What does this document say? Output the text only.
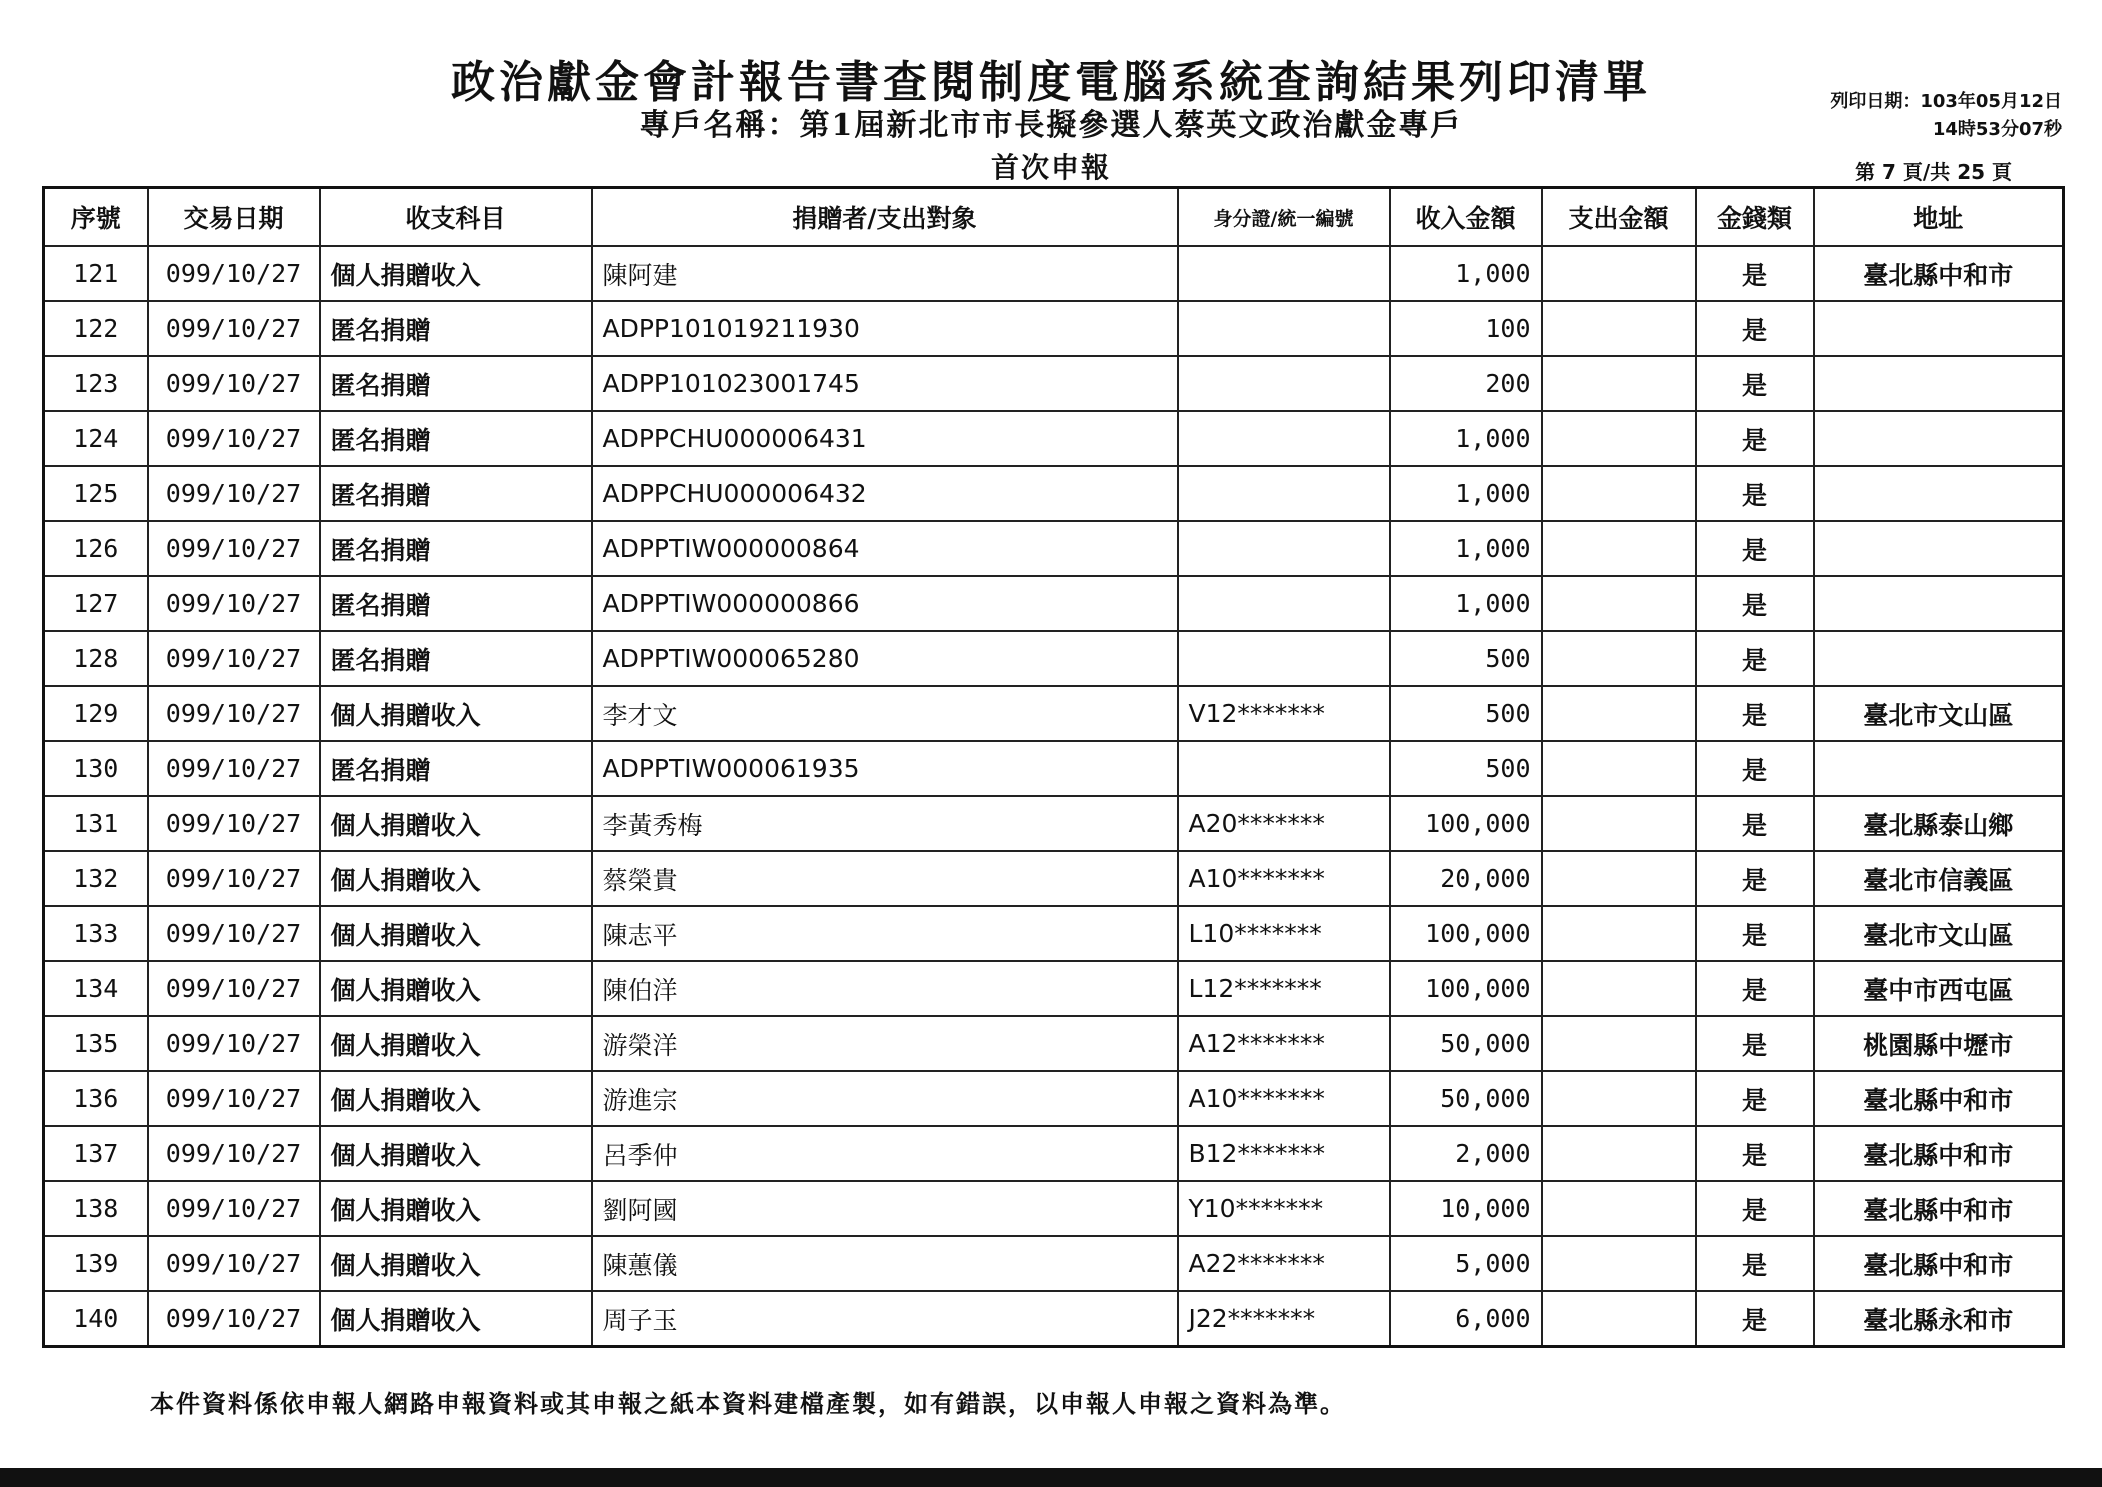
政治獻金會計報告書查閱制度電腦系統查詢結果列印清單
專戶名稱：第1屆新北市市長擬參選人蔡英文政治獻金專戶
首次申報
列印日期：103年05月12日
14時53分07秒
第 7 頁/共 25 頁
序號	交易日期	收支科目	捐贈者/支出對象	身分證/統一編號	收入金額	支出金額	金錢類	地址
121	099/10/27	個人捐贈收入	陳阿建		1,000		是	臺北縣中和市
122	099/10/27	匿名捐贈	ADPP101019211930		100		是	
123	099/10/27	匿名捐贈	ADPP101023001745		200		是	
124	099/10/27	匿名捐贈	ADPPCHU000006431		1,000		是	
125	099/10/27	匿名捐贈	ADPPCHU000006432		1,000		是	
126	099/10/27	匿名捐贈	ADPPTIW000000864		1,000		是	
127	099/10/27	匿名捐贈	ADPPTIW000000866		1,000		是	
128	099/10/27	匿名捐贈	ADPPTIW000065280		500		是	
129	099/10/27	個人捐贈收入	李才文	V12*******	500		是	臺北市文山區
130	099/10/27	匿名捐贈	ADPPTIW000061935		500		是	
131	099/10/27	個人捐贈收入	李黃秀梅	A20*******	100,000		是	臺北縣泰山鄉
132	099/10/27	個人捐贈收入	蔡榮貴	A10*******	20,000		是	臺北市信義區
133	099/10/27	個人捐贈收入	陳志平	L10*******	100,000		是	臺北市文山區
134	099/10/27	個人捐贈收入	陳伯洋	L12*******	100,000		是	臺中市西屯區
135	099/10/27	個人捐贈收入	游榮洋	A12*******	50,000		是	桃園縣中壢市
136	099/10/27	個人捐贈收入	游進宗	A10*******	50,000		是	臺北縣中和市
137	099/10/27	個人捐贈收入	呂季仲	B12*******	2,000		是	臺北縣中和市
138	099/10/27	個人捐贈收入	劉阿國	Y10*******	10,000		是	臺北縣中和市
139	099/10/27	個人捐贈收入	陳蕙儀	A22*******	5,000		是	臺北縣中和市
140	099/10/27	個人捐贈收入	周子玉	J22*******	6,000		是	臺北縣永和市
本件資料係依申報人網路申報資料或其申報之紙本資料建檔產製，如有錯誤，以申報人申報之資料為準。
